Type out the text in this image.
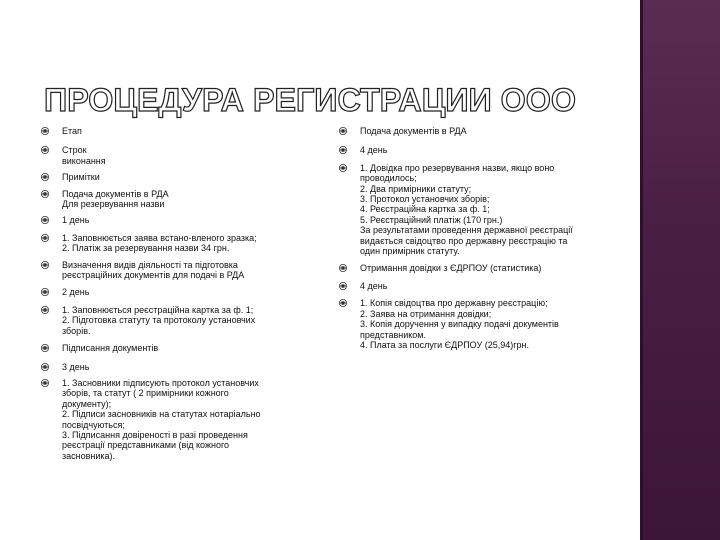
ПРОЦЕДУРА РЕГИСТРАЦИИ ООО
Етап
Строк
виконання
Примітки
Подача документів в РДА
Для резервування назви
1 день
1. Заповнюється заява встано-вленого зразка;
2. Платіж за резервування назви 34 грн.
Визначення видів діяльності та підготовка
реєстраційних документів для подачі в РДА
2 день
1. Заповнюється реєстраційна картка за ф. 1;
2. Підготовка статуту та протоколу установчих
зборів.
Підписання документів
3 день
1. Засновники підписують протокол установчих
зборів, та статут ( 2 примірники кожного
документу);
2. Підписи засновників на статутах нотаріально
посвідчуються;
3. Підписання довіреності в разі проведення
реєстрації представниками (від кожного
засновника).
Подача документів в РДА
4 день
1. Довідка про резервування назви, якщо воно
проводилось;
2. Два примірники статуту;
3. Протокол установчих зборів;
4. Реєстраційна картка за ф. 1;
5. Реєстраційний платіж (170 грн.)
За результатами проведення державної реєстрації
видається свідоцтво про державну реєстрацію та
один примірник статуту.
Отримання довідки з ЄДРПОУ (статистика)
4 день
1. Копія свідоцтва про державну реєстрацію;
2. Заява на отримання довідки;
3. Копія доручення у випадку подачі документів
представником.
4. Плата за послуги ЄДРПОУ (25,94)грн.
